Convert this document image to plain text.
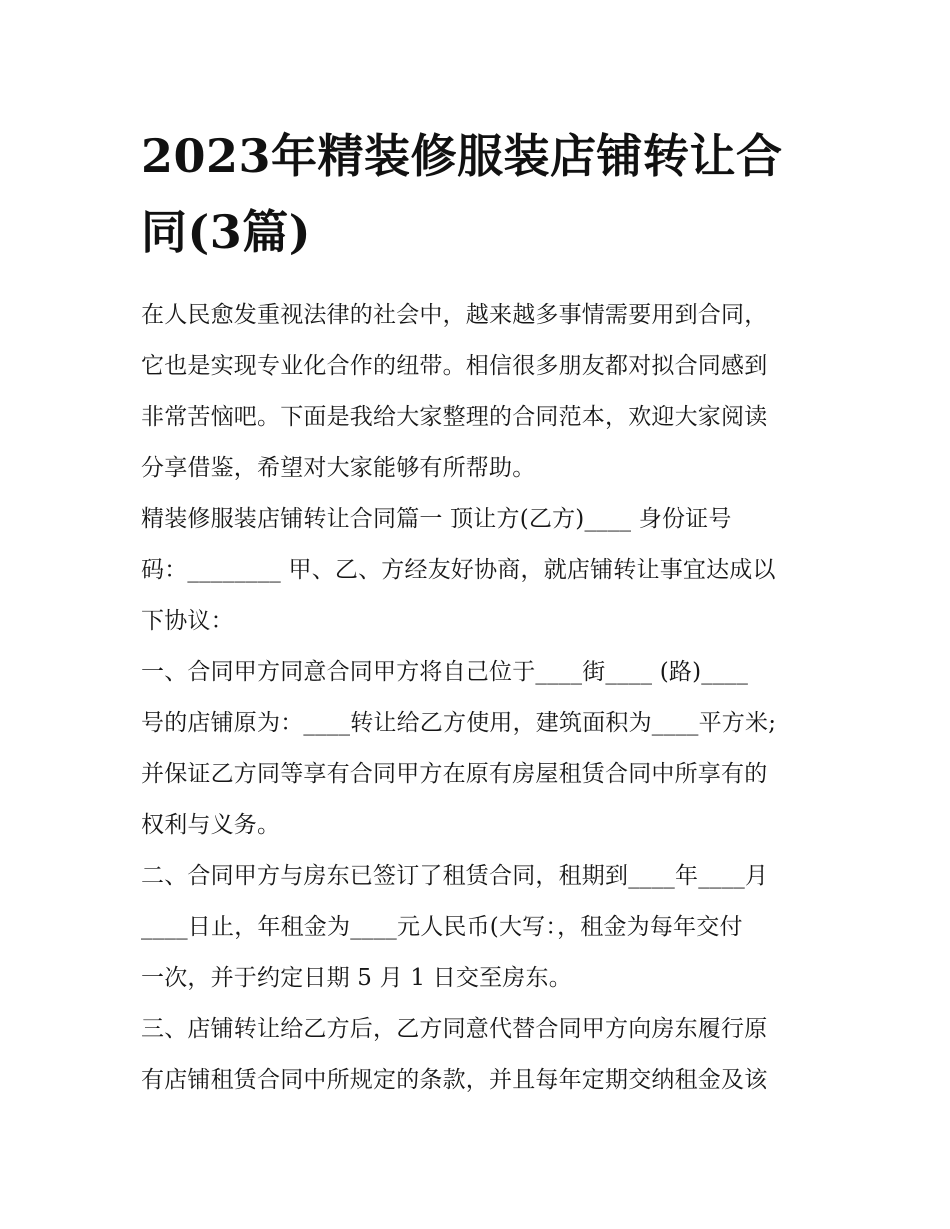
2023年精装修服装店铺转让合
同(3篇)
在人民愈发重视法律的社会中，越来越多事情需要用到合同，
它也是实现专业化合作的纽带。相信很多朋友都对拟合同感到
非常苦恼吧。下面是我给大家整理的合同范本，欢迎大家阅读
分享借鉴，希望对大家能够有所帮助。
精装修服装店铺转让合同篇一 顶让方(乙方)____ 身份证号
码：________ 甲、乙、方经友好协商，就店铺转让事宜达成以
下协议：
一、合同甲方同意合同甲方将自己位于____街____ (路)____
号的店铺原为：____转让给乙方使用，建筑面积为____平方米;
并保证乙方同等享有合同甲方在原有房屋租赁合同中所享有的
权利与义务。
二、合同甲方与房东已签订了租赁合同，租期到____年____月
____日止，年租金为____元人民币(大写：，租金为每年交付
一次，并于约定日期 5 月 1 日交至房东。
三、店铺转让给乙方后，乙方同意代替合同甲方向房东履行原
有店铺租赁合同中所规定的条款，并且每年定期交纳租金及该
